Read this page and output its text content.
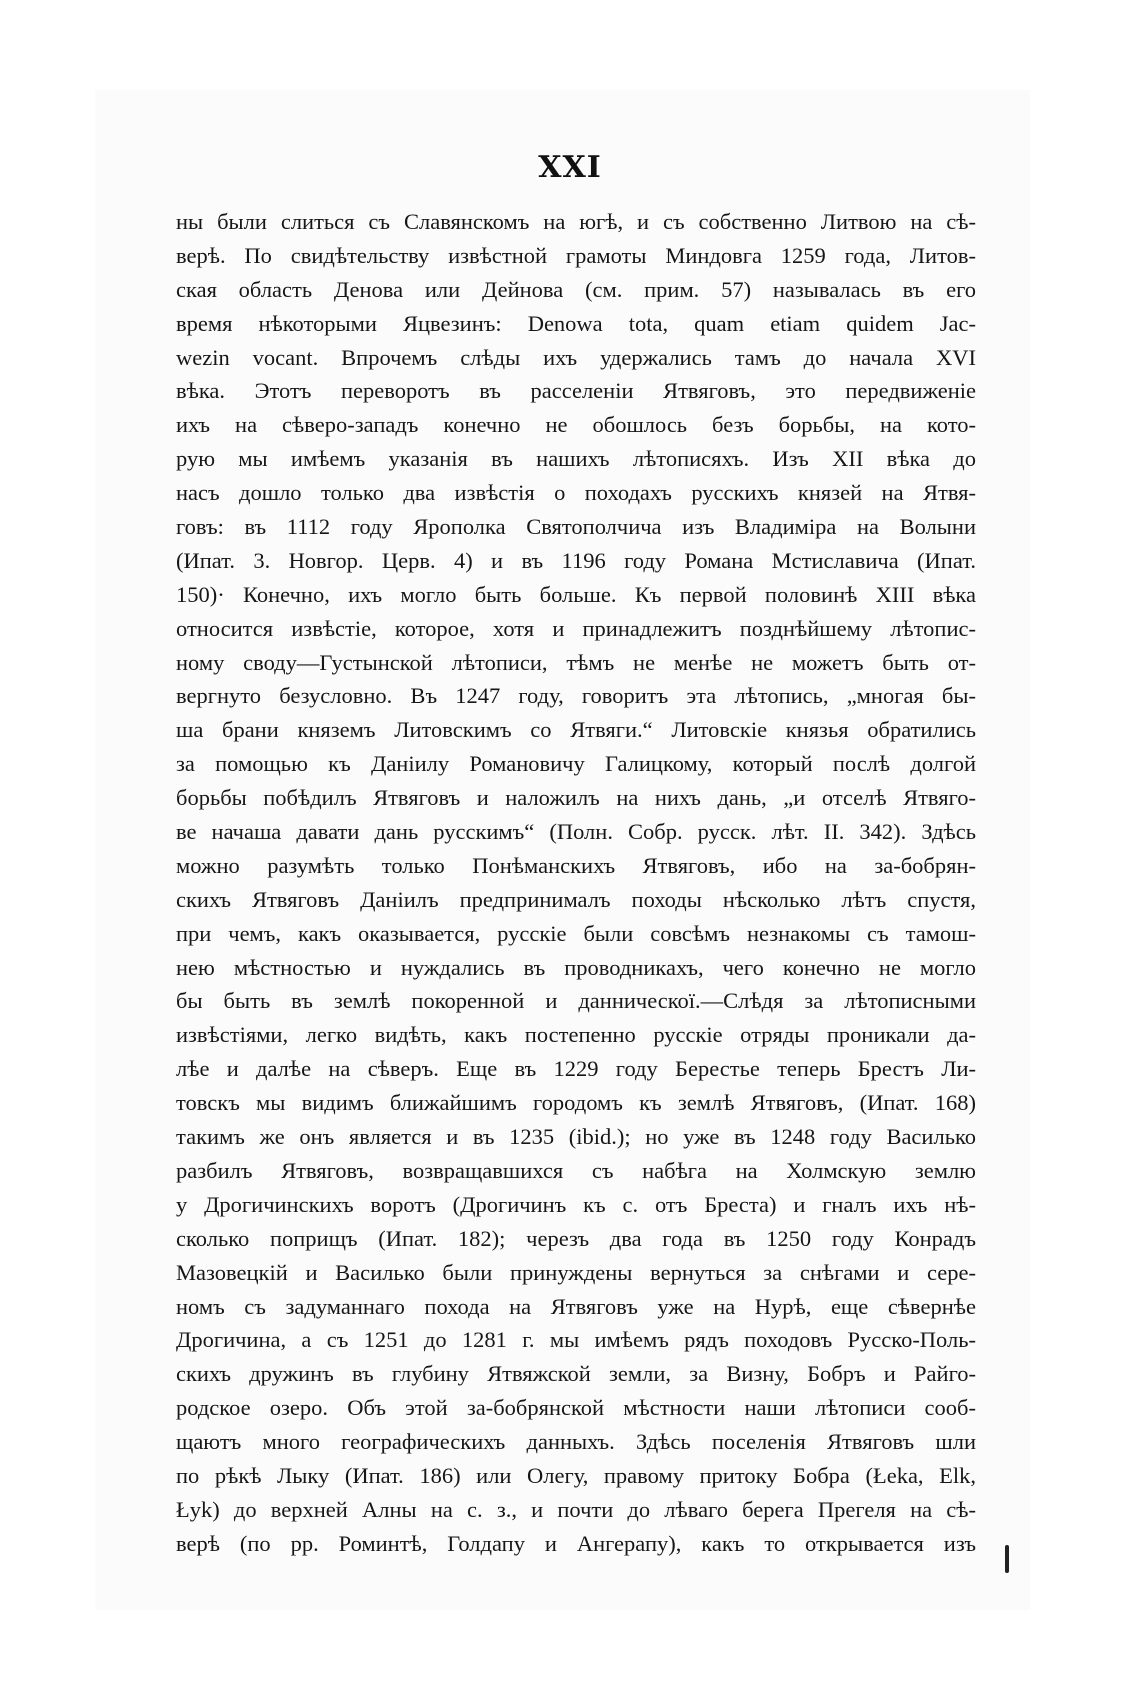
XXI
ны были слиться съ Славянскомъ на югѣ, и съ собственно Литвою на сѣ-
верѣ. По свидѣтельству извѣстной грамоты Миндовга 1259 года, Литов-
ская область Денова или Дейнова (см. прим. 57) называлась въ его
время нѣкоторыми Яцвезинъ: Denowa tota, quam etiam quidem Jac-
wezin vocant. Впрочемъ слѣды ихъ удержались тамъ до начала XVI
вѣка. Этотъ переворотъ въ расселеніи Ятвяговъ, это передвиженіе
ихъ на сѣверо-западъ конечно не обошлось безъ борьбы, на кото-
рую мы имѣемъ указанія въ нашихъ лѣтописяхъ. Изъ XII вѣка до
насъ дошло только два извѣстія о походахъ русскихъ князей на Ятвя-
говъ: въ 1112 году Ярополка Святополчича изъ Владиміра на Волыни
(Ипат. 3. Новгор. Церв. 4) и въ 1196 году Романа Мстиславича (Ипат.
150)· Конечно, ихъ могло быть больше. Къ первой половинѣ XIII вѣка
относится извѣстіе, которое, хотя и принадлежитъ позднѣйшему лѣтопис-
ному своду—Густынской лѣтописи, тѣмъ не менѣе не можетъ быть от-
вергнуто безусловно. Въ 1247 году, говоритъ эта лѣтопись, „многая бы-
ша брани княземъ Литовскимъ со Ятвяги.“ Литовскіе князья обратились
за помощью къ Даніилу Романовичу Галицкому, который послѣ долгой
борьбы побѣдилъ Ятвяговъ и наложилъ на нихъ дань, „и отселѣ Ятвяго-
ве начаша давати дань русскимъ“ (Полн. Собр. русск. лѣт. II. 342). Здѣсь
можно разумѣть только Понѣманскихъ Ятвяговъ, ибо на за-бобрян-
скихъ Ятвяговъ Даніилъ предпринималъ походы нѣсколько лѣтъ спустя,
при чемъ, какъ оказывается, русскіе были совсѣмъ незнакомы съ тамош-
нею мѣстностью и нуждались въ проводникахъ, чего конечно не могло
бы быть въ землѣ покоренной и данническої.—Слѣдя за лѣтописными
извѣстіями, легко видѣть, какъ постепенно русскіе отряды проникали да-
лѣе и далѣе на сѣверъ. Еще въ 1229 году Берестье теперь Брестъ Ли-
товскъ мы видимъ ближайшимъ городомъ къ землѣ Ятвяговъ, (Ипат. 168)
такимъ же онъ является и въ 1235 (ibid.); но уже въ 1248 году Василько
разбилъ Ятвяговъ, возвращавшихся съ набѣга на Холмскую землю
у Дрогичинскихъ воротъ (Дрогичинъ къ с. отъ Бреста) и гналъ ихъ нѣ-
сколько поприщъ (Ипат. 182); черезъ два года въ 1250 году Конрадъ
Мазовецкій и Василько были принуждены вернуться за снѣгами и сере-
номъ съ задуманнаго похода на Ятвяговъ уже на Нурѣ, еще сѣвернѣе
Дрогичина, а съ 1251 до 1281 г. мы имѣемъ рядъ походовъ Русско-Поль-
скихъ дружинъ въ глубину Ятвяжской земли, за Визну, Бобръ и Райго-
родское озеро. Объ этой за-бобрянской мѣстности наши лѣтописи сооб-
щаютъ много географическихъ данныхъ. Здѣсь поселенія Ятвяговъ шли
по рѣкѣ Лыку (Ипат. 186) или Олегу, правому притоку Бобра (Łeka, Elk,
Łyk) до верхней Алны на с. з., и почти до лѣваго берега Прегеля на сѣ-
верѣ (по рр. Роминтѣ, Голдапу и Ангерапу), какъ то открывается изъ
